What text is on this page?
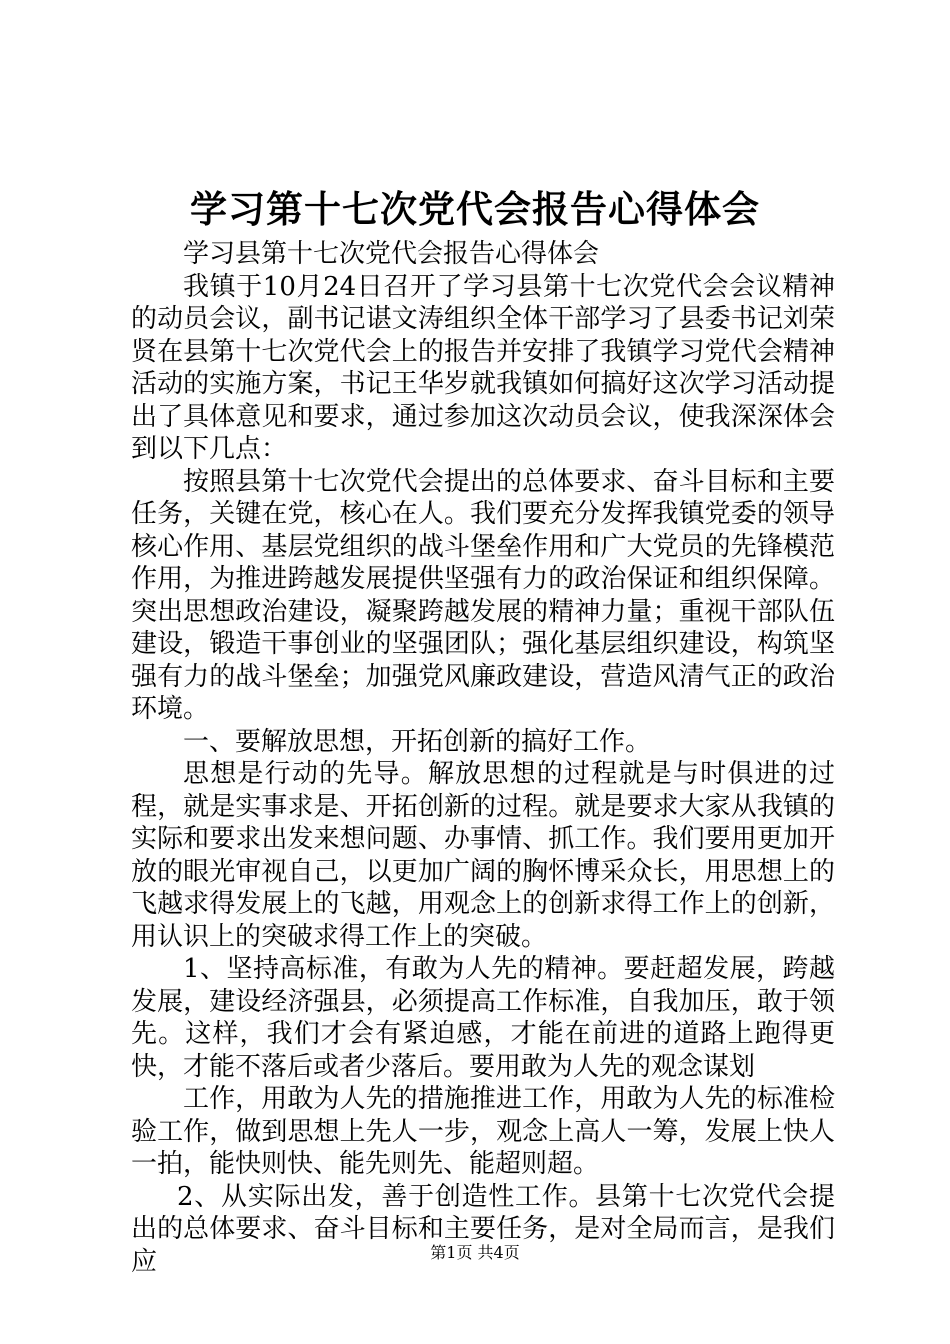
学习第十七次党代会报告心得体会

学习县第十七次党代会报告心得体会

我镇于10月24日召开了学习县第十七次党代会会议精神的动员会议，副书记谌文涛组织全体干部学习了县委书记刘荣贤在县第十七次党代会上的报告并安排了我镇学习党代会精神活动的实施方案，书记王华岁就我镇如何搞好这次学习活动提出了具体意见和要求，通过参加这次动员会议，使我深深体会到以下几点：

按照县第十七次党代会提出的总体要求、奋斗目标和主要任务，关键在党，核心在人。我们要充分发挥我镇党委的领导核心作用、基层党组织的战斗堡垒作用和广大党员的先锋模范作用，为推进跨越发展提供坚强有力的政治保证和组织保障。突出思想政治建设，凝聚跨越发展的精神力量；重视干部队伍建设，锻造干事创业的坚强团队；强化基层组织建设，构筑坚强有力的战斗堡垒；加强党风廉政建设，营造风清气正的政治环境。

一、要解放思想，开拓创新的搞好工作。

思想是行动的先导。解放思想的过程就是与时俱进的过程，就是实事求是、开拓创新的过程。就是要求大家从我镇的实际和要求出发来想问题、办事情、抓工作。我们要用更加开放的眼光审视自己，以更加广阔的胸怀博采众长，用思想上的飞越求得发展上的飞越，用观念上的创新求得工作上的创新，用认识上的突破求得工作上的突破。

1、坚持高标准，有敢为人先的精神。要赶超发展，跨越发展，建设经济强县，必须提高工作标准，自我加压，敢于领先。这样，我们才会有紧迫感，才能在前进的道路上跑得更快，才能不落后或者少落后。要用敢为人先的观念谋划

工作，用敢为人先的措施推进工作，用敢为人先的标准检验工作，做到思想上先人一步，观念上高人一筹，发展上快人一拍，能快则快、能先则先、能超则超。

2、从实际出发，善于创造性工作。县第十七次党代会提出的总体要求、奋斗目标和主要任务，是对全局而言，是我们应	第1页 共4页
